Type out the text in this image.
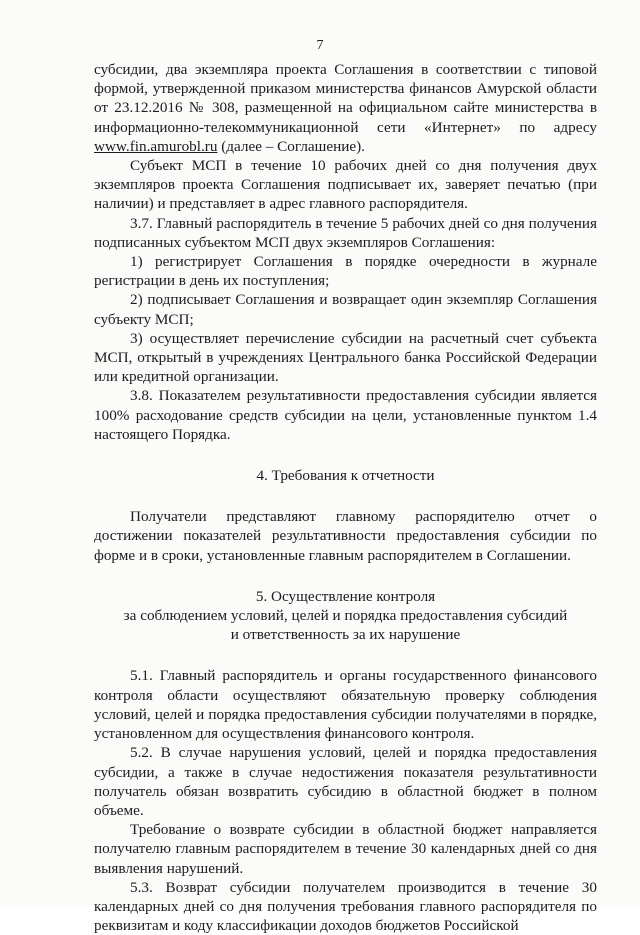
7

субсидии, два экземпляра проекта Соглашения в соответствии с типовой формой, утвержденной приказом министерства финансов Амурской области от 23.12.2016 № 308, размещенной на официальном сайте министерства в информационно-телекоммуникационной сети «Интернет» по адресу www.fin.amurobl.ru (далее – Соглашение).

Субъект МСП в течение 10 рабочих дней со дня получения двух экземпляров проекта Соглашения подписывает их, заверяет печатью (при наличии) и представляет в адрес главного распорядителя.

3.7. Главный распорядитель в течение 5 рабочих дней со дня получения подписанных субъектом МСП двух экземпляров Соглашения:

1) регистрирует Соглашения в порядке очередности в журнале регистрации в день их поступления;

2) подписывает Соглашения и возвращает один экземпляр Соглашения субъекту МСП;

3) осуществляет перечисление субсидии на расчетный счет субъекта МСП, открытый в учреждениях Центрального банка Российской Федерации или кредитной организации.

3.8. Показателем результативности предоставления субсидии является 100% расходование средств субсидии на цели, установленные пунктом 1.4 настоящего Порядка.

4. Требования к отчетности

Получатели представляют главному распорядителю отчет о достижении показателей результативности предоставления субсидии по форме и в сроки, установленные главным распорядителем в Соглашении.

5. Осуществление контроля

за соблюдением условий, целей и порядка предоставления субсидий

и ответственность за их нарушение

5.1. Главный распорядитель и органы государственного финансового контроля области осуществляют обязательную проверку соблюдения условий, целей и порядка предоставления субсидии получателями в порядке, установленном для осуществления финансового контроля.

5.2. В случае нарушения условий, целей и порядка предоставления субсидии, а также в случае недостижения показателя результативности получатель обязан возвратить субсидию в областной бюджет в полном объеме.

Требование о возврате субсидии в областной бюджет направляется получателю главным распорядителем в течение 30 календарных дней со дня выявления нарушений.

5.3. Возврат субсидии получателем производится в течение 30 календарных дней со дня получения требования главного распорядителя по реквизитам и коду классификации доходов бюджетов Российской
